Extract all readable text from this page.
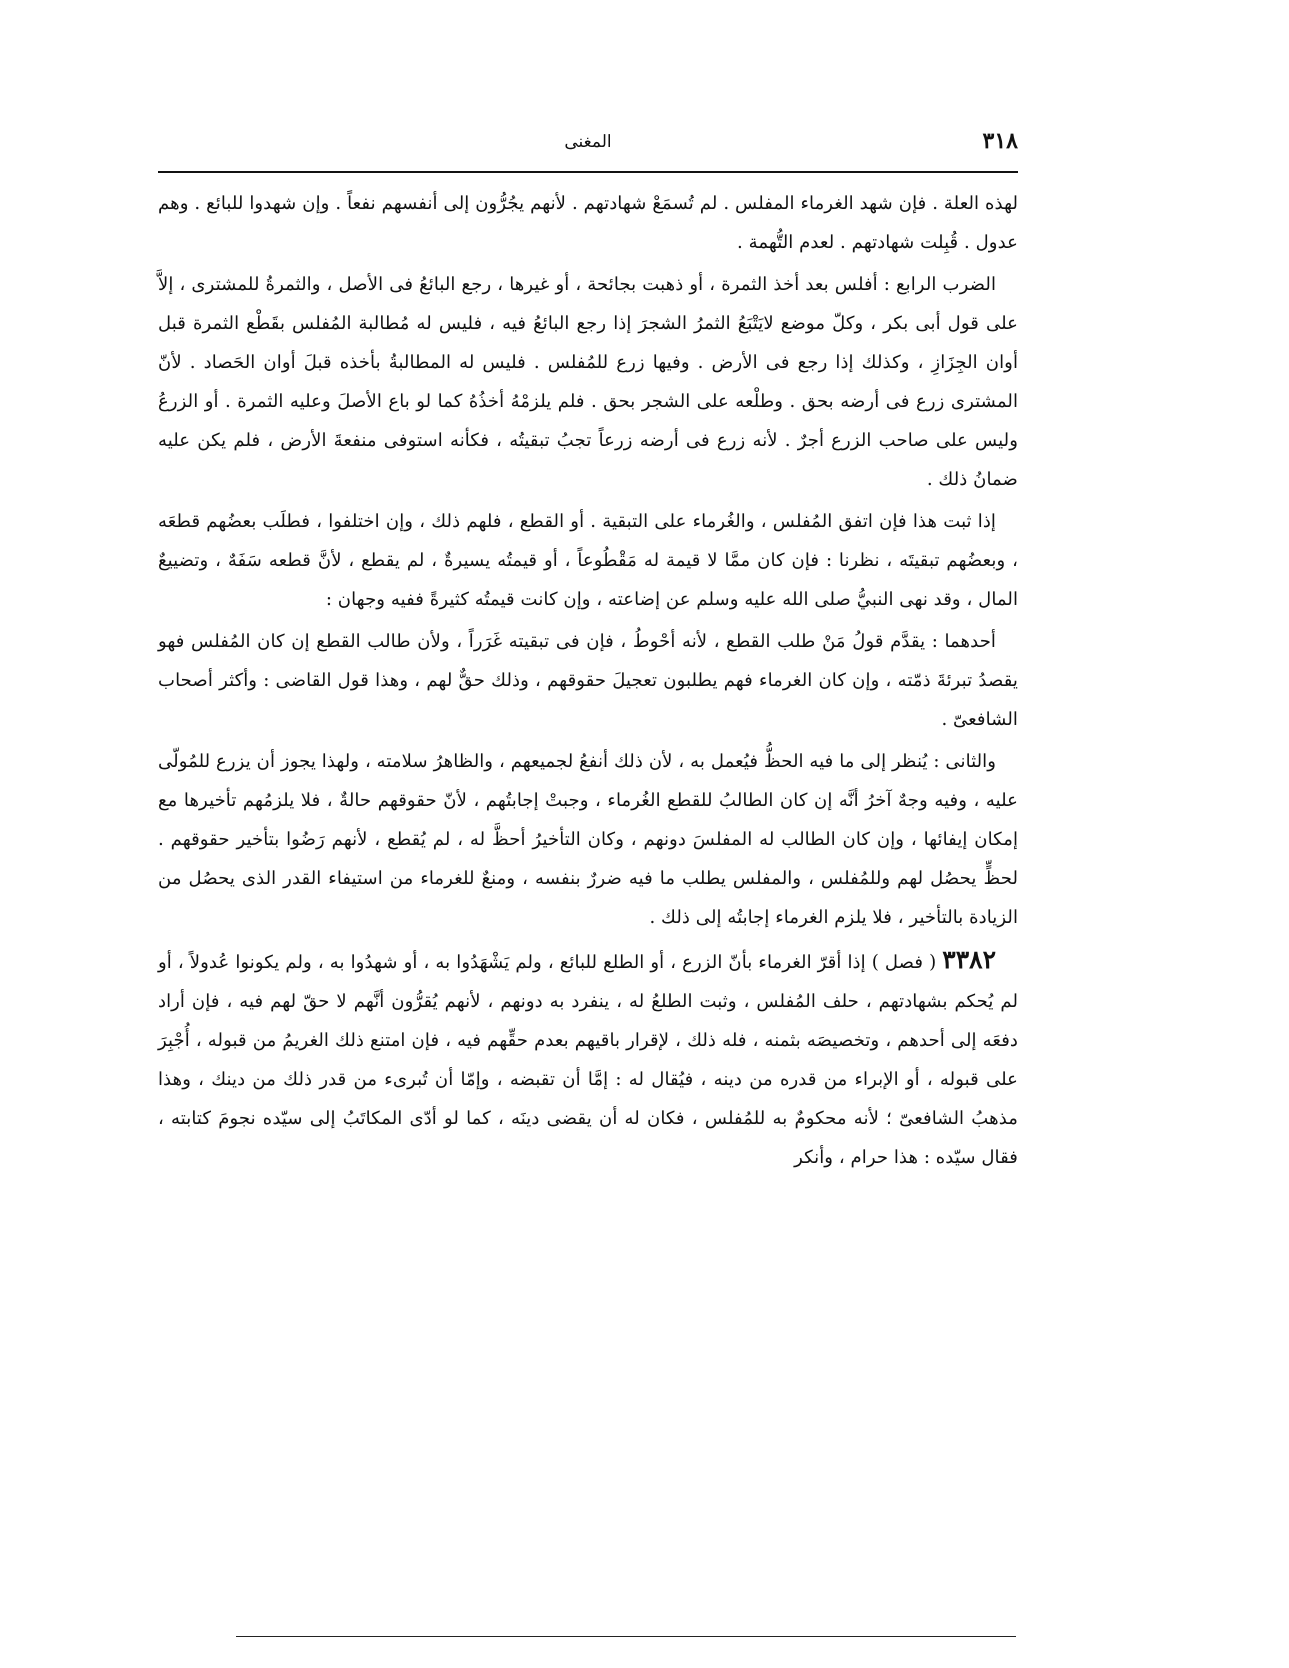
٣١٨
المغنى

لهذه العلة . فإن شهد الغرماء المفلس . لم تُسمَعْ شهادتهم . لأنهم يجُرُّون إلى أنفسهم نفعاً . وإن شهدوا للبائع . وهم عدول . قُبِلت شهادتهم . لعدم التُّهمة .

الضرب الرابع : أفلس بعد أخذ الثمرة ، أو ذهبت بجائحة ، أو غيرها ، رجع البائعُ فى الأصل ، والثمرةُ للمشترى ، إلاَّ على قول أبى بكر ، وكلّ موضع لايَتْبَعُ الثمرُ الشجرَ إذا رجع البائعُ فيه ، فليس له مُطالبة المُفلس بقَطْع الثمرة قبل أوان الجِزَازِ ، وكذلك إذا رجع فى الأرض . وفيها زرع للمُفلس . فليس له المطالبةُ بأخذه قبلَ أوان الحَصاد . لأنّ المشترى زرع فى أرضه بحق . وطلْعه على الشجر بحق . فلم يلزمْهُ أخذُهُ كما لو باع الأصلَ وعليه الثمرة . أو الزرعُ وليس على صاحب الزرع أجرٌ . لأنه زرع فى أرضه زرعاً تجبُ تبقيتُه ، فكأنه استوفى منفعةَ الأرض ، فلم يكن عليه ضمانُ ذلك .

إذا ثبت هذا فإن اتفق المُفلس ، والغُرماء على التبقية . أو القطع ، فلهم ذلك ، وإن اختلفوا ، فطلَب بعضُهم قطعَه ، وبعضُهم تبقيتَه ، نظرنا : فإن كان ممَّا لا قيمة له مَقْطُوعاً ، أو قيمتُه يسيرةٌ ، لم يقطع ، لأنَّ قطعه سَفَهٌ ، وتضييعٌ المال ، وقد نهى النبيُّ صلى الله عليه وسلم عن إضاعته ، وإن كانت قيمتُه كثيرةً ففيه وجهان :

أحدهما : يقدَّم قولُ مَنْ طلب القطع ، لأنه أحْوطُ ، فإن فى تبقيته غَرَراً ، ولأن طالب القطع إن كان المُفلس فهو يقصدُ تبرئةَ ذمّته ، وإن كان الغرماء فهم يطلبون تعجيلَ حقوقهم ، وذلك حقٌّ لهم ، وهذا قول القاضى : وأكثر أصحاب الشافعىّ .

والثانى : يُنظر إلى ما فيه الحظُّ فيُعمل به ، لأن ذلك أنفعُ لجميعهم ، والظاهرُ سلامته ، ولهذا يجوز أن يزرع للمُولّى عليه ، وفيه وجهٌ آخرُ أنَّه إن كان الطالبُ للقطع الغُرماء ، وجبتْ إجابتُهم ، لأنّ حقوقهم حالةٌ ، فلا يلزمُهم تأخيرها مع إمكان إيفائها ، وإن كان الطالب له المفلسَ دونهم ، وكان التأخيرُ أحظَّ له ، لم يُقطع ، لأنهم رَضُوا بتأخير حقوقهم . لحظٍّ يحصُل لهم وللمُفلس ، والمفلس يطلب ما فيه ضررٌ بنفسه ، ومنعٌ للغرماء من استيفاء القدر الذى يحصُل من الزيادة بالتأخير ، فلا يلزم الغرماء إجابتُه إلى ذلك .

٣٣٨٢ ( فصل ) إذا أقرّ الغرماء بأنّ الزرع ، أو الطلع للبائع ، ولم يَشْهَدُوا به ، أو شهدُوا به ، ولم يكونوا عُدولاً ، أو لم يُحكم بشهادتهم ، حلف المُفلس ، وثبت الطلعُ له ، ينفرد به دونهم ، لأنهم يُقرُّون أنَّهم لا حقّ لهم فيه ، فإن أراد دفعَه إلى أحدهم ، وتخصيصَه بثمنه ، فله ذلك ، لإقرار باقيهم بعدم حقِّهم فيه ، فإن امتنع ذلك الغريمُ من قبوله ، أُجْبِرَ على قبوله ، أو الإبراء من قدره من دينه ، فيُقال له : إمَّا أن تقبضه ، وإمّا أن تُبرىء من قدر ذلك من دينك ، وهذا مذهبُ الشافعىّ ؛ لأنه محكومٌ به للمُفلس ، فكان له أن يقضى دينَه ، كما لو أدّى المكاتَبُ إلى سيّده نجومَ كتابته ، فقال سيّده : هذا حرام ، وأنكر
